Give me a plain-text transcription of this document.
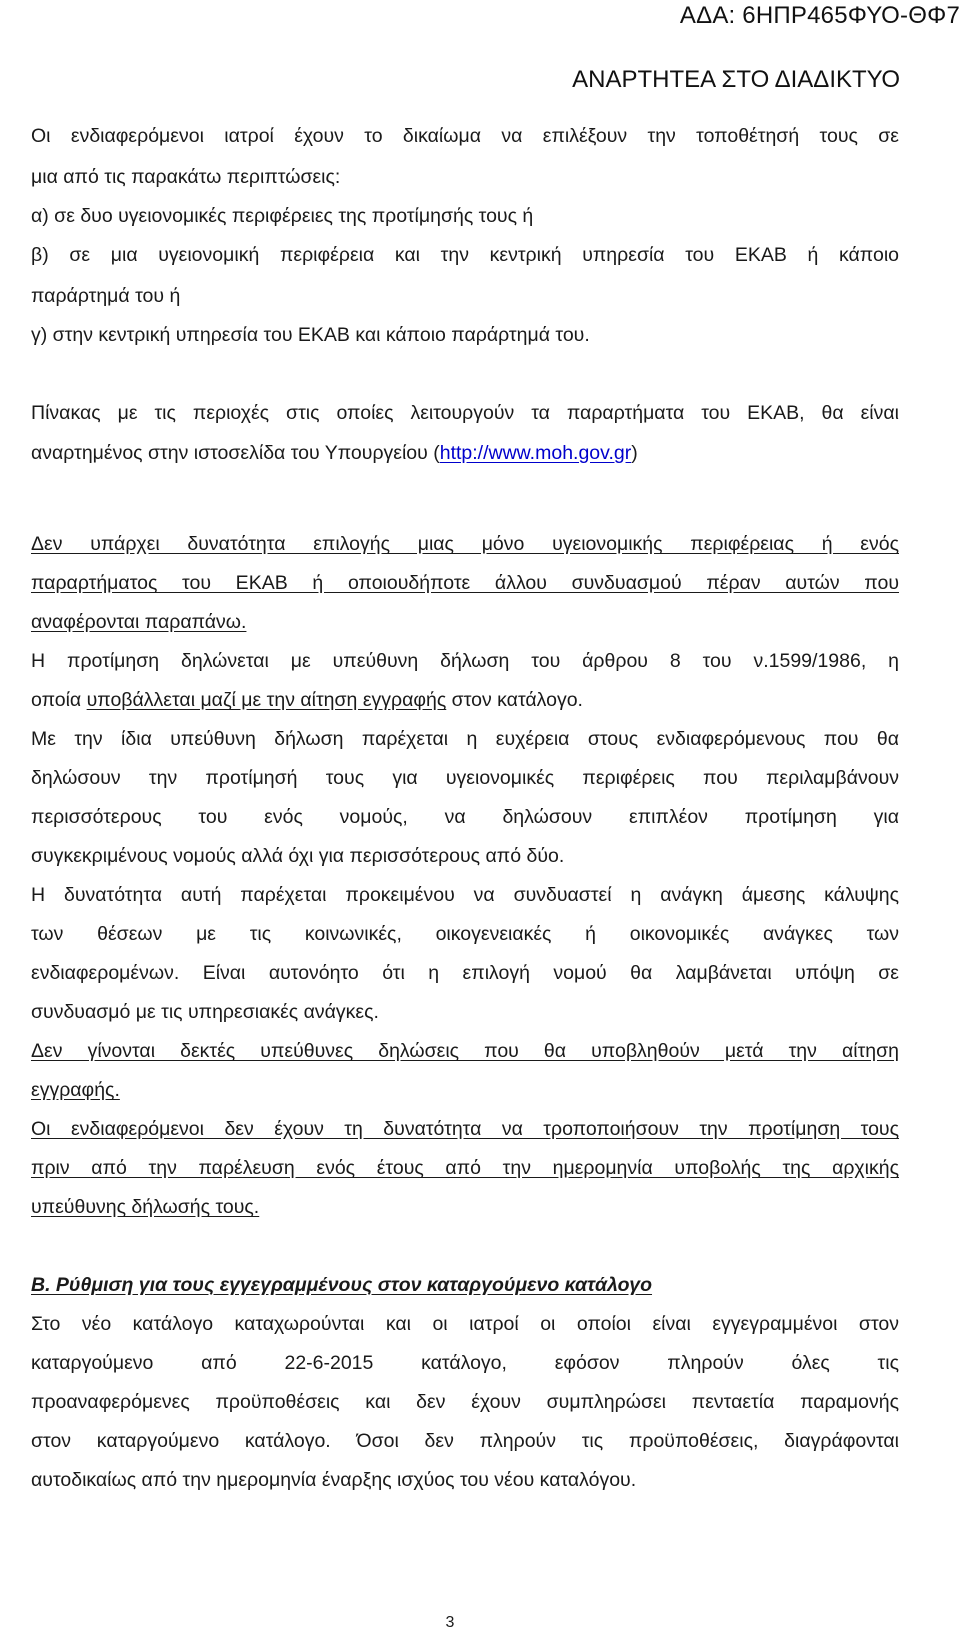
ΑΔΑ: 6ΗΠΡ465ΦΥΟ-ΘΦ7
ΑΝΑΡΤΗΤΕΑ ΣΤΟ ΔΙΑΔΙΚΤΥΟ
Οι ενδιαφερόμενοι ιατροί έχουν το δικαίωμα να επιλέξουν την τοποθέτησή τους σε
μια από τις παρακάτω περιπτώσεις:
α) σε δυο υγειονομικές περιφέρειες της προτίμησής τους ή
β) σε μια υγειονομική περιφέρεια και την κεντρική υπηρεσία του ΕΚΑΒ ή κάποιο
παράρτημά του ή
γ) στην κεντρική υπηρεσία του ΕΚΑΒ και κάποιο παράρτημά του.
Πίνακας με τις περιοχές στις οποίες λειτουργούν τα παραρτήματα του ΕΚΑΒ, θα είναι
αναρτημένος στην ιστοσελίδα του Υπουργείου (http://www.moh.gov.gr)
Δεν υπάρχει δυνατότητα επιλογής μιας μόνο υγειονομικής περιφέρειας ή ενός
παραρτήματος του ΕΚΑΒ ή οποιουδήποτε άλλου συνδυασμού πέραν αυτών που
αναφέρονται παραπάνω.
Η προτίμηση δηλώνεται με υπεύθυνη δήλωση του άρθρου 8 του ν.1599/1986, η
οποία υποβάλλεται μαζί με την αίτηση εγγραφής στον κατάλογο.
Με την ίδια υπεύθυνη δήλωση παρέχεται η ευχέρεια στους ενδιαφερόμενους που θα
δηλώσουν την προτίμησή τους για υγειονομικές περιφέρεις που περιλαμβάνουν
περισσότερους του ενός νομούς, να δηλώσουν επιπλέον προτίμηση για
συγκεκριμένους νομούς αλλά όχι για περισσότερους από δύο.
Η δυνατότητα αυτή παρέχεται προκειμένου να συνδυαστεί η ανάγκη άμεσης κάλυψης
των θέσεων με τις κοινωνικές, οικογενειακές ή οικονομικές ανάγκες των
ενδιαφερομένων. Είναι αυτονόητο ότι η επιλογή νομού θα λαμβάνεται υπόψη σε
συνδυασμό με τις υπηρεσιακές ανάγκες.
Δεν γίνονται δεκτές υπεύθυνες δηλώσεις που θα υποβληθούν μετά την αίτηση
εγγραφής.
Οι ενδιαφερόμενοι δεν έχουν τη δυνατότητα να τροποποιήσουν την προτίμηση τους
πριν από την παρέλευση ενός έτους από την ημερομηνία υποβολής της αρχικής
υπεύθυνης δήλωσής τους.
Β. Ρύθμιση για τους εγγεγραμμένους στον καταργούμενο κατάλογο
Στο νέο κατάλογο καταχωρούνται και οι ιατροί οι οποίοι είναι εγγεγραμμένοι στον
καταργούμενο από 22-6-2015 κατάλογο, εφόσον πληρούν όλες τις
προαναφερόμενες προϋποθέσεις και δεν έχουν συμπληρώσει πενταετία παραμονής
στον καταργούμενο κατάλογο. Όσοι δεν πληρούν τις προϋποθέσεις, διαγράφονται
αυτοδικαίως από την ημερομηνία έναρξης ισχύος του νέου καταλόγου.
3
